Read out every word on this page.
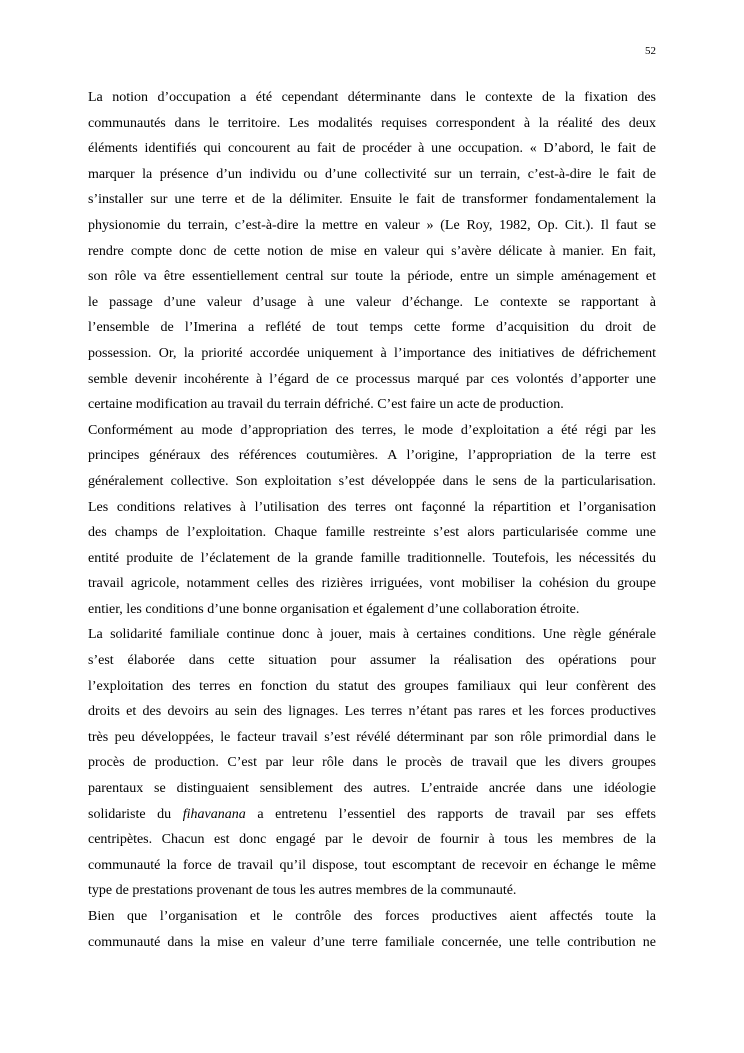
52

La notion d’occupation a été cependant déterminante dans le contexte de la fixation des
communautés dans le territoire. Les modalités requises correspondent à la réalité des deux
éléments identifiés qui concourent au fait de procéder à une occupation. « D’abord, le fait de
marquer la présence d’un individu ou d’une collectivité sur un terrain, c’est-à-dire le fait de
s’installer sur une terre et de la délimiter. Ensuite le fait de transformer fondamentalement la
physionomie du terrain, c’est-à-dire la mettre en valeur » (Le Roy, 1982, Op. Cit.). Il faut se
rendre compte donc de cette notion de mise en valeur qui s’avère délicate à manier. En fait,
son rôle va être essentiellement central sur toute la période, entre un simple aménagement et
le passage d’une valeur d’usage à une valeur d’échange. Le contexte se rapportant à
l’ensemble de l’Imerina a reflété de tout temps cette forme d’acquisition du droit de
possession. Or, la priorité accordée uniquement à l’importance des initiatives de défrichement
semble devenir incohérente à l’égard de ce processus marqué par ces volontés d’apporter une
certaine modification au travail du terrain défriché. C’est faire un acte de production.

Conformément au mode d’appropriation des terres, le mode d’exploitation a été régi par les
principes généraux des références coutumières. A l’origine, l’appropriation de la terre est
généralement collective. Son exploitation s’est développée dans le sens de la particularisation.
Les conditions relatives à l’utilisation des terres ont façonné la répartition et l’organisation
des champs de l’exploitation. Chaque famille restreinte s’est alors particularisée comme une
entité produite de l’éclatement de la grande famille traditionnelle. Toutefois, les nécessités du
travail agricole, notamment celles des rizières irriguées, vont mobiliser la cohésion du groupe
entier, les conditions d’une bonne organisation et également d’une collaboration étroite.

La solidarité familiale continue donc à jouer, mais à certaines conditions. Une règle générale
s’est élaborée dans cette situation pour assumer la réalisation des opérations pour
l’exploitation des terres en fonction du statut des groupes familiaux qui leur confèrent des
droits et des devoirs au sein des lignages. Les terres n’étant pas rares et les forces productives
très peu développées, le facteur travail s’est révélé déterminant par son rôle primordial dans le
procès de production. C’est par leur rôle dans le procès de travail que les divers groupes
parentaux se distinguaient sensiblement des autres. L’entraide ancrée dans une idéologie
solidariste du fihavanana a entretenu l’essentiel des rapports de travail par ses effets
centripètes. Chacun est donc engagé par le devoir de fournir à tous les membres de la
communauté la force de travail qu’il dispose, tout escomptant de recevoir en échange le même
type de prestations provenant de tous les autres membres de la communauté.

Bien que l’organisation et le contrôle des forces productives aient affectés toute la
communauté dans la mise en valeur d’une terre familiale concernée, une telle contribution ne
